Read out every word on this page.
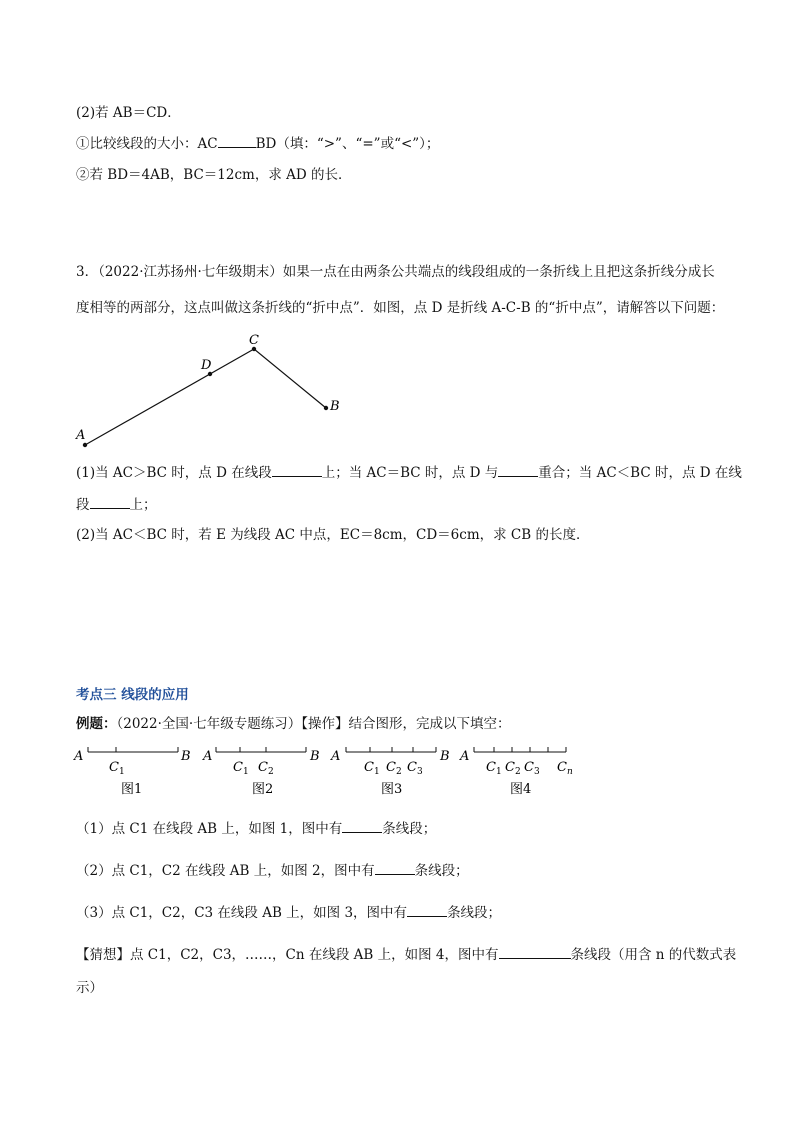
(2)若 AB＝CD．
①比较线段的大小：AC	BD（填：“>”、“=”或“<”）；
②若 BD＝4AB，BC＝12cm，求 AD 的长．
3．（2022·江苏扬州·七年级期末）如果一点在由两条公共端点的线段组成的一条折线上且把这条折线分成长
度相等的两部分，这点叫做这条折线的“折中点”．如图，点 D 是折线 A-C-B 的“折中点”，请解答以下问题：
A
C
B
D
A	B
$C_1$
图1
A	B
$C_1$ $C_2$
图2
A	B
$C_1$ $C_2$ $C_3$
图3
A
$C_1$ $C_2$ $C_3$ $C_n$
图4
(1)当 AC＞BC 时，点 D 在线段	上；当 AC＝BC 时，点 D 与	重合；当 AC＜BC 时，点 D 在线
段	上；
(2)当 AC＜BC 时，若 E 为线段 AC 中点，EC＝8cm，CD＝6cm，求 CB 的长度．
考点三 线段的应用
例题：（2022·全国·七年级专题练习）【操作】结合图形，完成以下填空：
（1）点 C1 在线段 AB 上，如图 1，图中有	条线段；
（2）点 C1，C2 在线段 AB 上，如图 2，图中有	条线段；
（3）点 C1，C2，C3 在线段 AB 上，如图 3，图中有	条线段；
【猜想】点 C1，C2，C3，……，Cn 在线段 AB 上，如图 4，图中有	条线段（用含 n 的代数式表
示）
